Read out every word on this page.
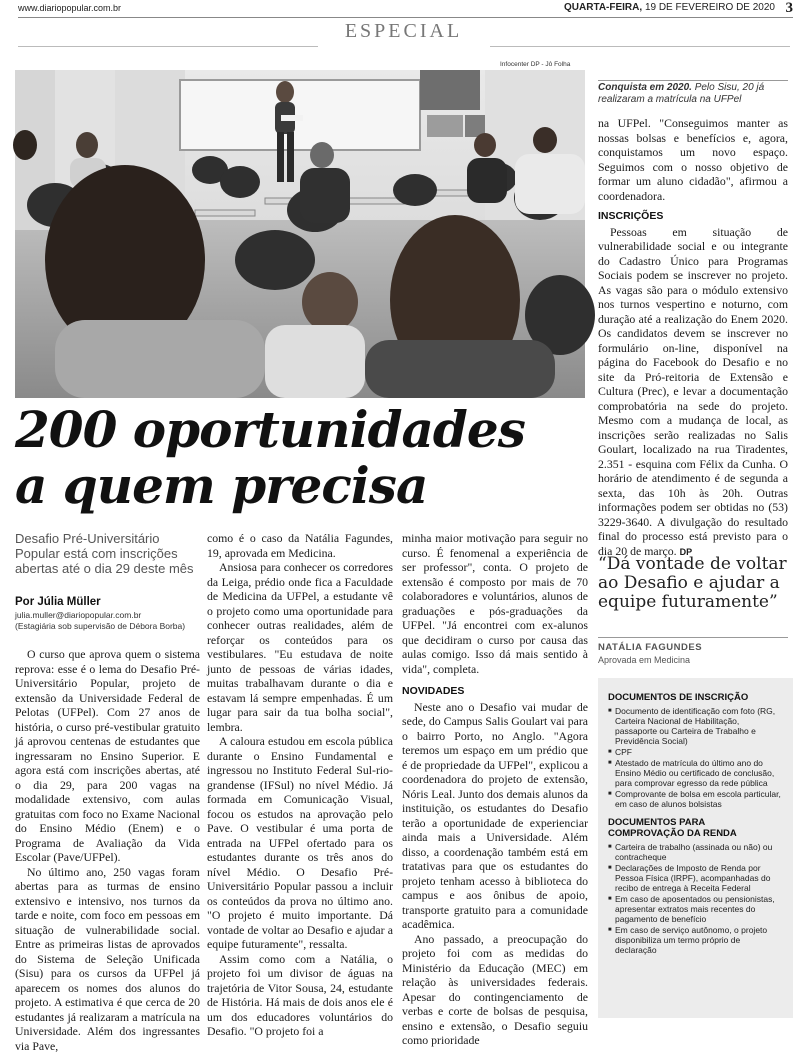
www.diariopopular.com.br	QUARTA-FEIRA, 19 DE FEVEREIRO DE 2020 3
ESPECIAL
Infocenter DP - Jô Folha
Conquista em 2020. Pelo Sisu, 20 já realizaram a matrícula na UFPel

na UFPel. "Conseguimos manter as nossas bolsas e benefícios e, agora, conquistamos um novo espaço. Seguimos com o nosso objetivo de formar um aluno cidadão", afirmou a coordenadora.

INSCRIÇÕES

Pessoas em situação de vulnerabilidade social e ou integrante do Cadastro Único para Programas Sociais podem se inscrever no projeto. As vagas são para o módulo extensivo nos turnos vespertino e noturno, com duração até a realização do Enem 2020. Os candidatos devem se inscrever no formulário on-line, disponível na página do Facebook do Desafio e no site da Pró-reitoria de Extensão e Cultura (Prec), e levar a documentação comprobatória na sede do projeto. Mesmo com a mudança de local, as inscrições serão realizadas no Salis Goulart, localizado na rua Tiradentes, 2.351 - esquina com Félix da Cunha. O horário de atendimento é de segunda a sexta, das 10h às 20h. Outras informações podem ser obtidas no (53) 3229-3640. A divulgação do resultado final do processo está previsto para o dia 20 de março. DP

200 oportunidades
a quem precisa
Desafio Pré-Universitário Popular está com inscrições abertas até o dia 29 deste mês
Por Júlia Müller
julia.muller@diariopopular.com.br
(Estagiária sob supervisão de Débora Borba)

O curso que aprova quem o sistema reprova: esse é o lema do Desafio Pré-Universitário Popular, projeto de extensão da Universidade Federal de Pelotas (UFPel). Com 27 anos de história, o curso pré-vestibular gratuito já aprovou centenas de estudantes que ingressaram no Ensino Superior. E agora está com inscrições abertas, até o dia 29, para 200 vagas na modalidade extensivo, com aulas gratuitas com foco no Exame Nacional do Ensino Médio (Enem) e o Programa de Avaliação da Vida Escolar (Pave/UFPel).

No último ano, 250 vagas foram abertas para as turmas de ensino extensivo e intensivo, nos turnos da tarde e noite, com foco em pessoas em situação de vulnerabilidade social. Entre as primeiras listas de aprovados do Sistema de Seleção Unificada (Sisu) para os cursos da UFPel já aparecem os nomes dos alunos do projeto. A estimativa é que cerca de 20 estudantes já realizaram a matrícula na Universidade. Além dos ingressantes via Pave,

como é o caso da Natália Fagundes, 19, aprovada em Medicina.

Ansiosa para conhecer os corredores da Leiga, prédio onde fica a Faculdade de Medicina da UFPel, a estudante vê o projeto como uma oportunidade para conhecer outras realidades, além de reforçar os conteúdos para os vestibulares. "Eu estudava de noite junto de pessoas de várias idades, muitas trabalhavam durante o dia e estavam lá sempre empenhadas. É um lugar para sair da tua bolha social", lembra.

A caloura estudou em escola pública durante o Ensino Fundamental e ingressou no Instituto Federal Sul-rio-grandense (IFSul) no nível Médio. Já formada em Comunicação Visual, focou os estudos na aprovação pelo Pave. O vestibular é uma porta de entrada na UFPel ofertado para os estudantes durante os três anos do nível Médio. O Desafio Pré-Universitário Popular passou a incluir os conteúdos da prova no último ano. "O projeto é muito importante. Dá vontade de voltar ao Desafio e ajudar a equipe futuramente", ressalta.

Assim como com a Natália, o projeto foi um divisor de águas na trajetória de Vitor Sousa, 24, estudante de História. Há mais de dois anos ele é um dos educadores voluntários do Desafio. "O projeto foi a

minha maior motivação para seguir no curso. É fenomenal a experiência de ser professor", conta. O projeto de extensão é composto por mais de 70 colaboradores e voluntários, alunos de graduações e pós-graduações da UFPel. "Já encontrei com ex-alunos que decidiram o curso por causa das aulas comigo. Isso dá mais sentido à vida", completa.

NOVIDADES

Neste ano o Desafio vai mudar de sede, do Campus Salis Goulart vai para o bairro Porto, no Anglo. "Agora teremos um espaço em um prédio que é de propriedade da UFPel", explicou a coordenadora do projeto de extensão, Nóris Leal. Junto dos demais alunos da instituição, os estudantes do Desafio terão a oportunidade de experienciar ainda mais a Universidade. Além disso, a coordenação também está em tratativas para que os estudantes do projeto tenham acesso à biblioteca do campus e aos ônibus de apoio, transporte gratuito para a comunidade acadêmica.

Ano passado, a preocupação do projeto foi com as medidas do Ministério da Educação (MEC) em relação às universidades federais. Apesar do contingenciamento de verbas e corte de bolsas de pesquisa, ensino e extensão, o Desafio seguiu como prioridade

“Dá vontade de voltar ao Desafio e ajudar a equipe futuramente”
NATÁLIA FAGUNDES
Aprovada em Medicina
DOCUMENTOS DE INSCRIÇÃO
■ Documento de identificação com foto (RG, Carteira Nacional de Habilitação, passaporte ou Carteira de Trabalho e Previdência Social)
■ CPF
■ Atestado de matrícula do último ano do Ensino Médio ou certificado de conclusão, para comprovar egresso da rede pública
■ Comprovante de bolsa em escola particular, em caso de alunos bolsistas
DOCUMENTOS PARA COMPROVAÇÃO DA RENDA
■ Carteira de trabalho (assinada ou não) ou contracheque
■ Declarações de Imposto de Renda por Pessoa Física (IRPF), acompanhadas do recibo de entrega à Receita Federal
■ Em caso de aposentados ou pensionistas, apresentar extratos mais recentes do pagamento de benefício
■ Em caso de serviço autônomo, o projeto disponibiliza um termo próprio de declaração
